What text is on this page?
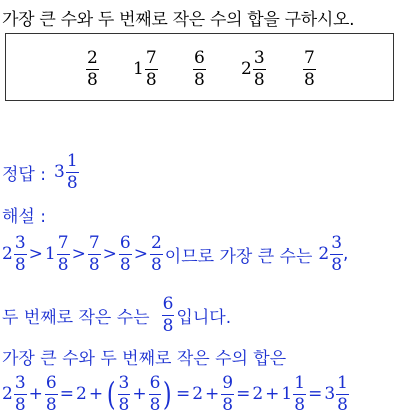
가장 큰 수와 두 번째로 작은 수의 합을 구하시오.
$\frac{2}{8} 1 \frac{7}{8} \frac{6}{8} 2 \frac{3}{8} \frac{7}{8}$
정답 : $3 \frac{1}{8}$
해설 :
$2 \frac{3}{8} > 1 \frac{7}{8} > \frac{7}{8} > \frac{6}{8} > \frac{2}{8}$ 이므로 가장 큰 수는 $2 \frac{3}{8}$ ,
두 번째로 작은 수는 $\frac{6}{8}$ 입니다.
가장 큰 수와 두 번째로 작은 수의 합은
$2 \frac{3}{8} + \frac{6}{8} = 2$ + ( $\frac{3}{8} + \frac{6}{8}$ ) = $2 + \frac{9}{8} = 2 + 1 \frac{1}{8} = 3 \frac{1}{8}$
